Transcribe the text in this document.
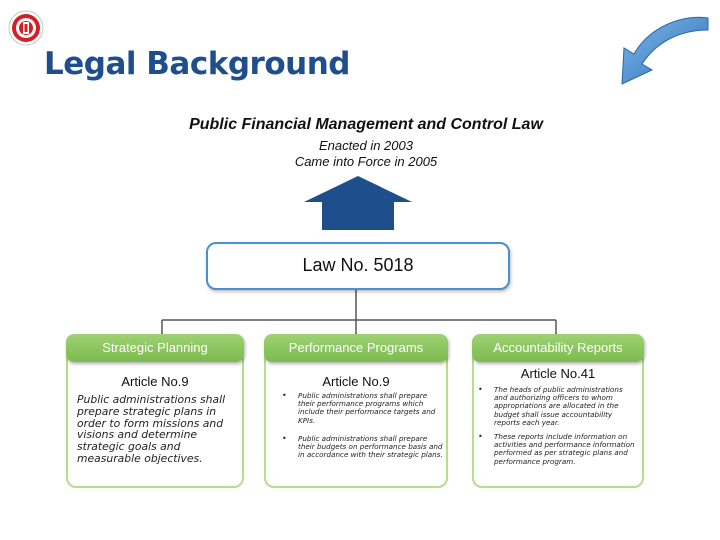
Legal Background
Public Financial Management and Control Law
Enacted in 2003
Came into Force in 2005
Law No. 5018
Strategic Planning
Article No.9
Public administrations shall prepare strategic plans in order to form missions and visions and determine strategic goals and measurable objectives.
Performance Programs
Article No.9
• Public administrations shall prepare their performance programs which include their performance targets and KPIs.
• Public administrations shall prepare their budgets on performance basis and in accordance with their strategic plans.
Accountability Reports
Article No.41
• The heads of public administrations and authorizing officers to whom appropriations are allocated in the budget shall issue accountability reports each year.
• These reports include information on activities and performance information performed as per strategic plans and performance program.
